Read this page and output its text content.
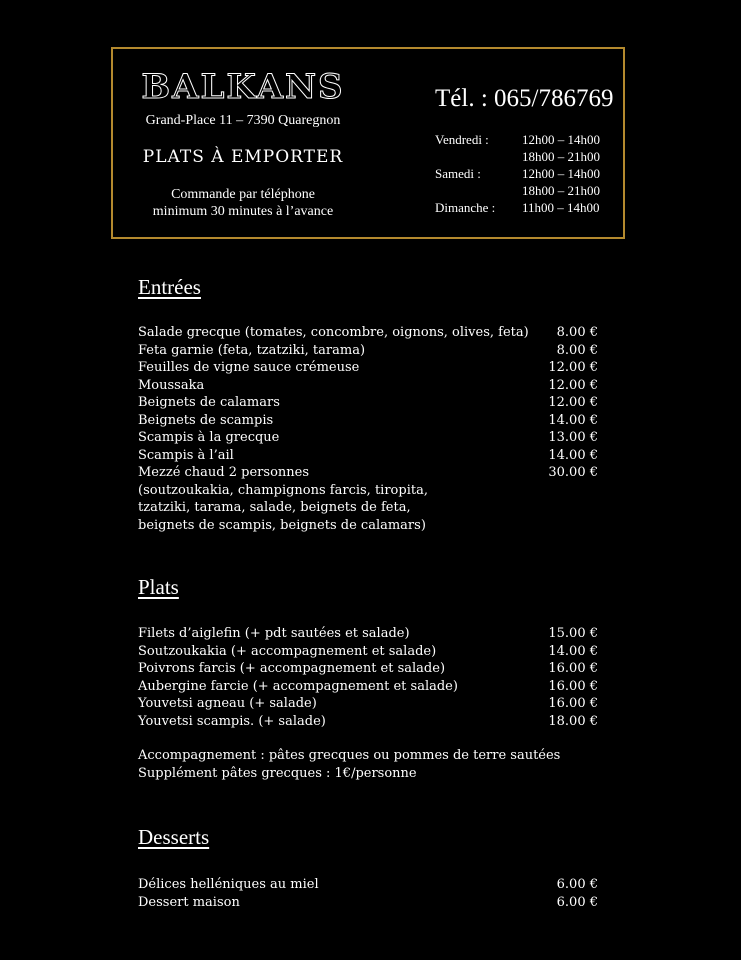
BALKANS
Grand-Place 11 – 7390 Quaregnon
PLATS À EMPORTER
Commande par téléphone
minimum 30 minutes à l’avance
Tél. : 065/786769
Vendredi :	12h00 – 14h00
18h00 – 21h00
Samedi :	12h00 – 14h00
18h00 – 21h00
Dimanche :	11h00 – 14h00
Entrées
Salade grecque (tomates, concombre, oignons, olives, feta) 8.00 €
Feta garnie (feta, tzatziki, tarama)	8.00 €
Feuilles de vigne sauce crémeuse	12.00 €
Moussaka	12.00 €
Beignets de calamars	12.00 €
Beignets de scampis	14.00 €
Scampis à la grecque	13.00 €
Scampis à l’ail	14.00 €
Mezzé chaud 2 personnes	30.00 €
(soutzoukakia, champignons farcis, tiropita,
tzatziki, tarama, salade, beignets de feta,
beignets de scampis, beignets de calamars)
Plats
Filets d’aiglefin (+ pdt sautées et salade)	15.00 €
Soutzoukakia (+ accompagnement et salade)	14.00 €
Poivrons farcis (+ accompagnement et salade)	16.00 €
Aubergine farcie (+ accompagnement et salade)	16.00 €
Youvetsi agneau (+ salade)	16.00 €
Youvetsi scampis. (+ salade)	18.00 €
Accompagnement : pâtes grecques ou pommes de terre sautées
Supplément pâtes grecques : 1€/personne
Desserts
Délices helléniques au miel	6.00 €
Dessert maison	6.00 €
